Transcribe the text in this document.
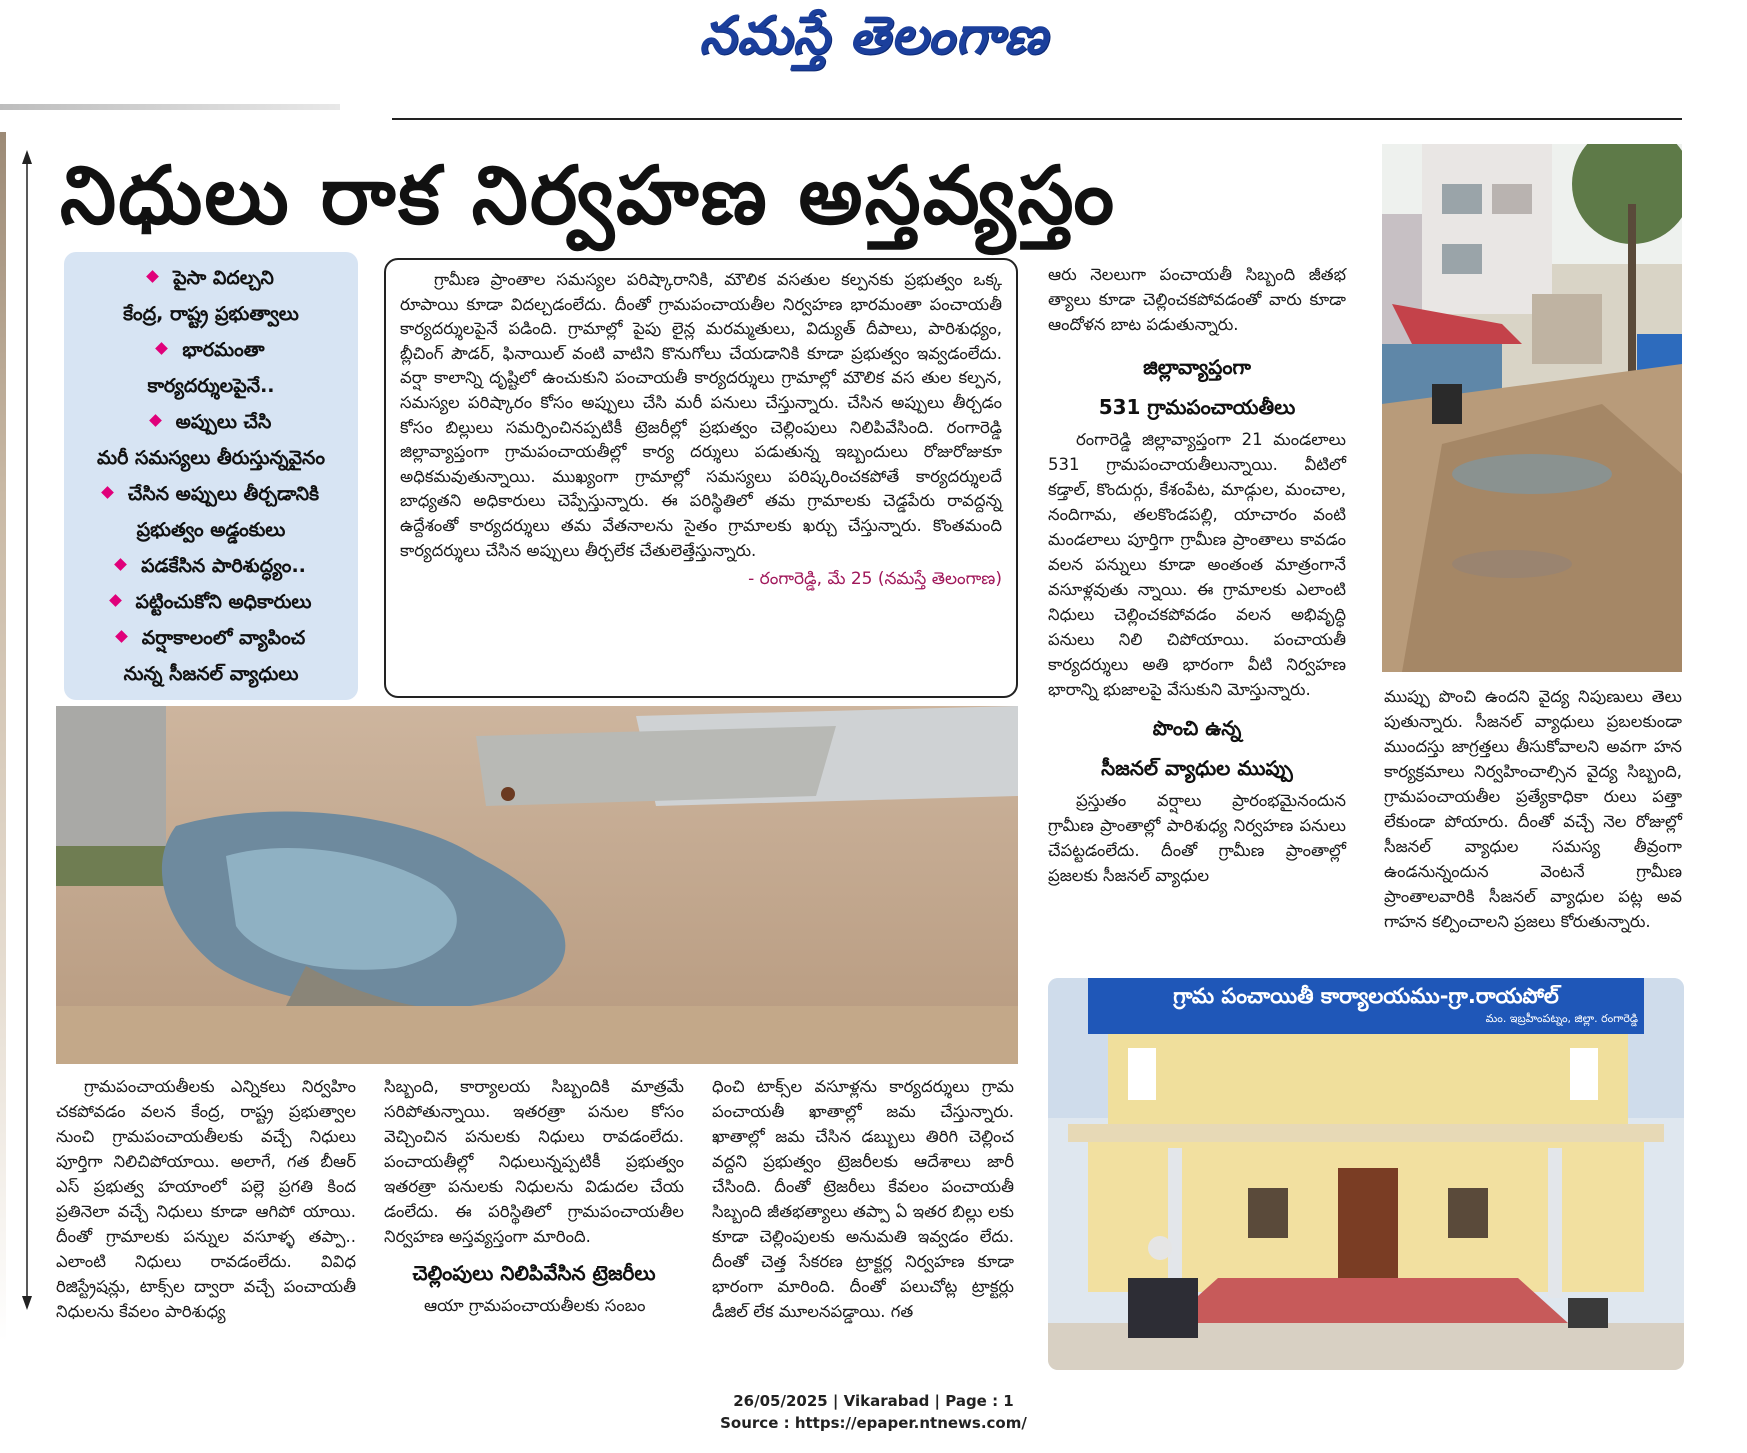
నమస్తే తెలంగాణ
నిధులు రాక నిర్వహణ అస్తవ్యస్తం
పైసా విదల్చని
కేంద్ర, రాష్ట్ర ప్రభుత్వాలు
భారమంతా
కార్యదర్శులపైనే..
అప్పులు చేసి
మరీ సమస్యలు తీరుస్తున్నవైనం
చేసిన అప్పులు తీర్చడానికి
ప్రభుత్వం అడ్డంకులు
పడకేసిన పారిశుద్ధ్యం..
పట్టించుకోని అధికారులు
వర్షాకాలంలో వ్యాపించ
నున్న సీజనల్ వ్యాధులు

గ్రామీణ ప్రాంతాల సమస్యల పరిష్కారానికి, మౌలిక వసతుల కల్పనకు ప్రభుత్వం ఒక్క రూపాయి కూడా విదల్చడంలేదు. దీంతో గ్రామపంచాయతీల నిర్వహణ భారమంతా పంచాయతీ కార్యదర్శులపైనే పడింది. గ్రామాల్లో పైపు లైన్ల మరమ్మతులు, విద్యుత్ దీపాలు, పారిశుధ్యం, బ్లీచింగ్ పౌడర్, ఫినాయిల్ వంటి వాటిని కొనుగోలు చేయడానికి కూడా ప్రభుత్వం ఇవ్వడంలేదు. వర్షా కాలాన్ని దృష్టిలో ఉంచుకుని పంచాయతీ కార్యదర్శులు గ్రామాల్లో మౌలిక వస తుల కల్పన, సమస్యల పరిష్కారం కోసం అప్పులు చేసి మరీ పనులు చేస్తున్నారు. చేసిన అప్పులు తీర్చడం కోసం బిల్లులు సమర్పించినప్పటికీ ట్రెజరీల్లో ప్రభుత్వం చెల్లింపులు నిలిపివేసింది. రంగారెడ్డి జిల్లావ్యాప్తంగా గ్రామపంచాయతీల్లో కార్య దర్శులు పడుతున్న ఇబ్బందులు రోజురోజుకూ అధికమవుతున్నాయి. ముఖ్యంగా గ్రామాల్లో సమస్యలు పరిష్కరించకపోతే కార్యదర్శులదే బాధ్యతని అధికారులు చెప్పేస్తున్నారు. ఈ పరిస్థితిలో తమ గ్రామాలకు చెడ్డపేరు రావద్దన్న ఉద్దేశంతో కార్యదర్శులు తమ వేతనాలను సైతం గ్రామాలకు ఖర్చు చేస్తున్నారు. కొంతమంది కార్యదర్శులు చేసిన అప్పులు తీర్చలేక చేతులెత్తేస్తున్నారు.

- రంగారెడ్డి, మే 25 (నమస్తే తెలంగాణ)

ఆరు నెలలుగా పంచాయతీ సిబ్బంది జీతభ త్యాలు కూడా చెల్లించకపోవడంతో వారు కూడా ఆందోళన బాట పడుతున్నారు.

జిల్లావ్యాప్తంగా
531 గ్రామపంచాయతీలు

రంగారెడ్డి జిల్లావ్యాప్తంగా 21 మండలాలు 531 గ్రామపంచాయతీలున్నాయి. వీటిలో కడ్తాల్, కొందుర్గు, కేశంపేట, మాడ్గుల, మంచాల, నందిగామ, తలకొండపల్లి, యాచారం వంటి మండలాలు పూర్తిగా గ్రామీణ ప్రాంతాలు కావడం వలన పన్నులు కూడా అంతంత మాత్రంగానే వసూళ్లవుతు న్నాయి. ఈ గ్రామాలకు ఎలాంటి నిధులు చెల్లించకపోవడం వలన అభివృద్ధి పనులు నిలి చిపోయాయి. పంచాయతీ కార్యదర్శులు అతి భారంగా వీటి నిర్వహణ భారాన్ని భుజాలపై వేసుకుని మోస్తున్నారు.

పొంచి ఉన్న
సీజనల్ వ్యాధుల ముప్పు

ప్రస్తుతం వర్షాలు ప్రారంభమైనందున గ్రామీణ ప్రాంతాల్లో పారిశుధ్య నిర్వహణ పనులు చేపట్టడంలేదు. దీంతో గ్రామీణ ప్రాంతాల్లో ప్రజలకు సీజనల్ వ్యాధుల

ముప్పు పొంచి ఉందని వైద్య నిపుణులు తెలు పుతున్నారు. సీజనల్ వ్యాధులు ప్రబలకుండా ముందస్తు జాగ్రత్తలు తీసుకోవాలని అవగా హన కార్యక్రమాలు నిర్వహించాల్సిన వైద్య సిబ్బంది, గ్రామపంచాయతీల ప్రత్యేకాధికా రులు పత్తా లేకుండా పోయారు. దీంతో వచ్చే నెల రోజుల్లో సీజనల్ వ్యాధుల సమస్య తీవ్రంగా ఉండనున్నందున వెంటనే గ్రామీణ ప్రాంతాలవారికి సీజనల్ వ్యాధుల పట్ల అవ గాహన కల్పించాలని ప్రజలు కోరుతున్నారు.

గ్రామపంచాయతీలకు ఎన్నికలు నిర్వహిం చకపోవడం వలన కేంద్ర, రాష్ట్ర ప్రభుత్వాల నుంచి గ్రామపంచాయతీలకు వచ్చే నిధులు పూర్తిగా నిలిచిపోయాయి. అలాగే, గత బీఆర్ ఎస్ ప్రభుత్వ హయాంలో పల్లె ప్రగతి కింద ప్రతినెలా వచ్చే నిధులు కూడా ఆగిపో యాయి. దీంతో గ్రామాలకు పన్నుల వసూళ్ళ తప్పా.. ఎలాంటి నిధులు రావడంలేదు. వివిధ రిజిస్ట్రేషన్లు, టాక్స్‌ల ద్వారా వచ్చే పంచాయతీ నిధులను కేవలం పారిశుధ్య

సిబ్బంది, కార్యాలయ సిబ్బందికి మాత్రమే సరిపోతున్నాయి. ఇతరత్రా పనుల కోసం వెచ్చించిన పనులకు నిధులు రావడంలేదు. పంచాయతీల్లో నిధులున్నప్పటికీ ప్రభుత్వం ఇతరత్రా పనులకు నిధులను విడుదల చేయ డంలేదు. ఈ పరిస్థితిలో గ్రామపంచాయతీల నిర్వహణ అస్తవ్యస్తంగా మారింది.

చెల్లింపులు నిలిపివేసిన ట్రెజరీలు

ఆయా గ్రామపంచాయతీలకు సంబం

ధించి టాక్స్‌ల వసూళ్లను కార్యదర్శులు గ్రామ పంచాయతీ ఖాతాల్లో జమ చేస్తున్నారు. ఖాతాల్లో జమ చేసిన డబ్బులు తిరిగి చెల్లించ వద్దని ప్రభుత్వం ట్రెజరీలకు ఆదేశాలు జారీ చేసింది. దీంతో ట్రెజరీలు కేవలం పంచాయతీ సిబ్బంది జీతభత్యాలు తప్పా ఏ ఇతర బిల్లు లకు కూడా చెల్లింపులకు అనుమతి ఇవ్వడం లేదు. దీంతో చెత్త సేకరణ ట్రాక్టర్ల నిర్వహణ కూడా భారంగా మారింది. దీంతో పలుచోట్ల ట్రాక్టర్లు డీజిల్ లేక మూలనపడ్డాయి. గత

గ్రామ పంచాయితీ కార్యాలయము-గ్రా.రాయపోల్
మం. ఇబ్రహీంపట్నం, జిల్లా. రంగారెడ్డి
26/05/2025 | Vikarabad | Page : 1
Source : https://epaper.ntnews.com/
